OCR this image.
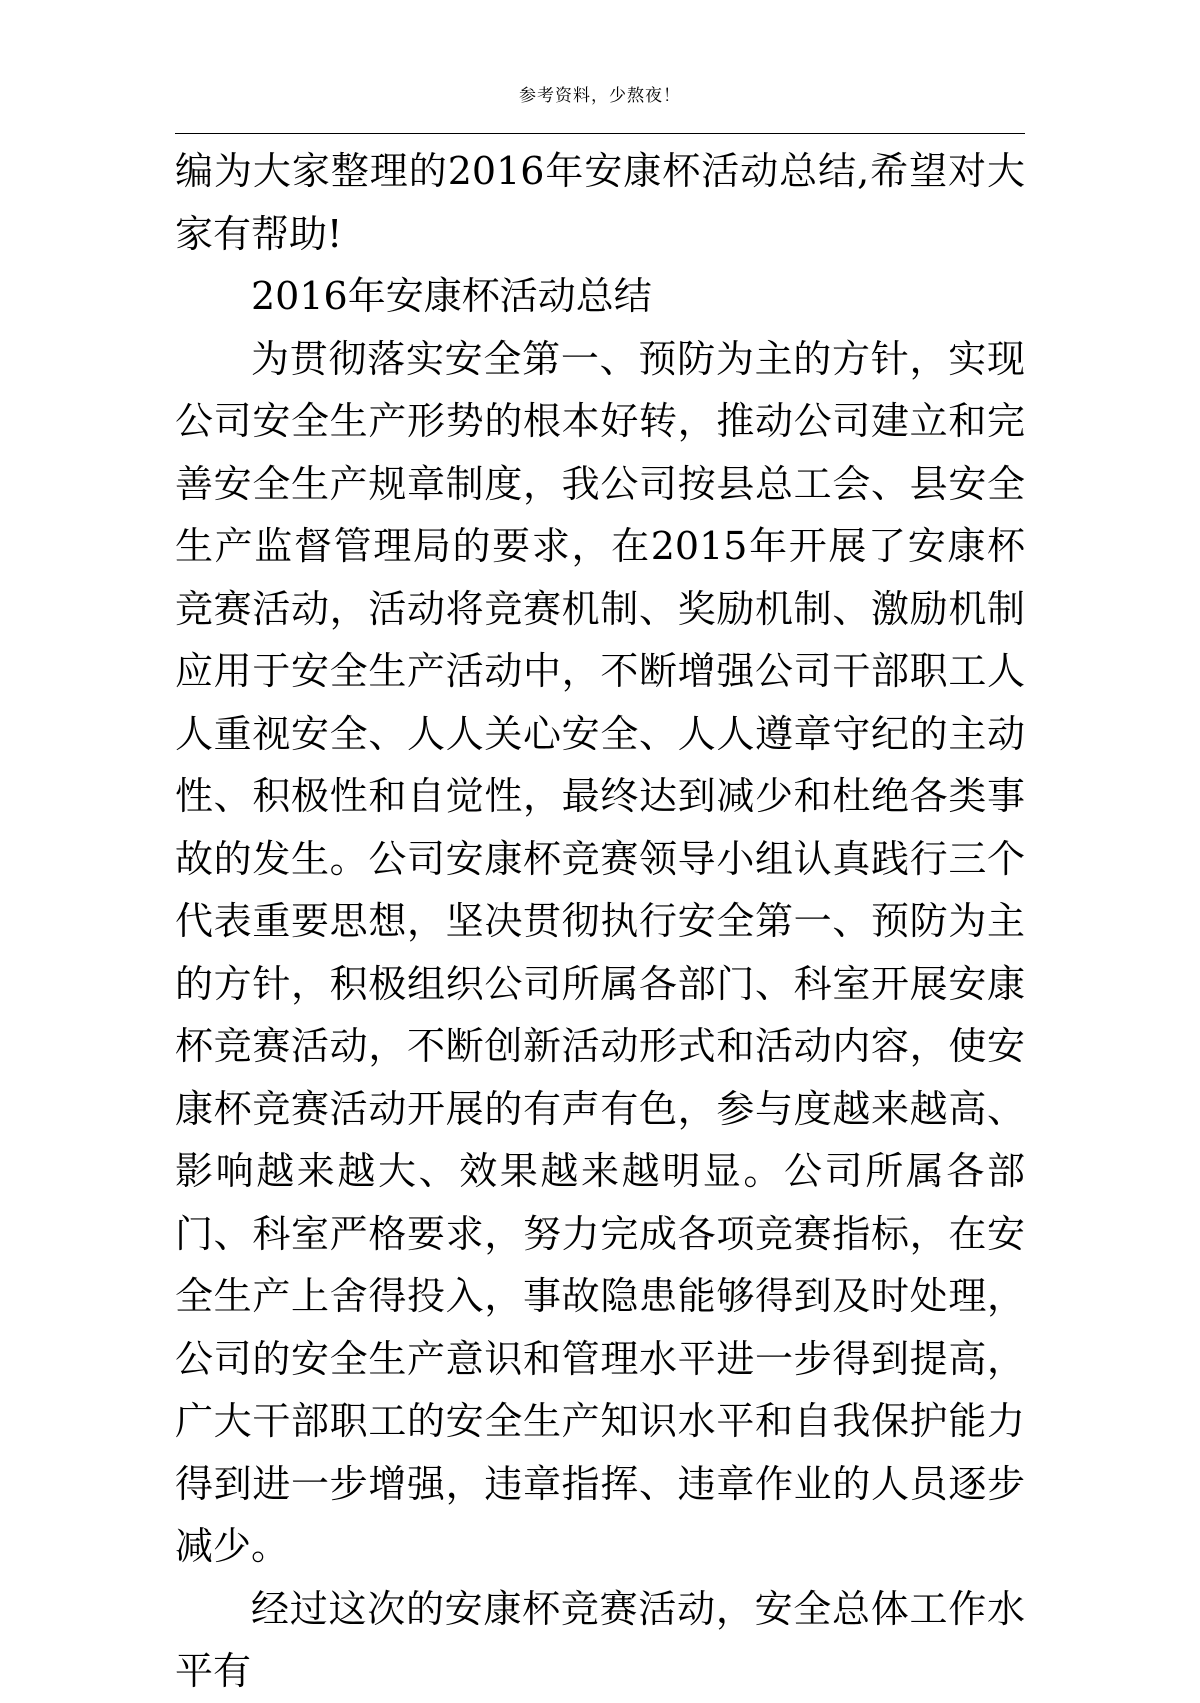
参考资料，少熬夜！

编为大家整理的2016年安康杯活动总结,希望对大家有帮助!

2016年安康杯活动总结

为贯彻落实安全第一、预防为主的方针，实现公司安全生产形势的根本好转，推动公司建立和完善安全生产规章制度，我公司按县总工会、县安全生产监督管理局的要求，在2015年开展了安康杯竞赛活动，活动将竞赛机制、奖励机制、激励机制应用于安全生产活动中，不断增强公司干部职工人人重视安全、人人关心安全、人人遵章守纪的主动性、积极性和自觉性，最终达到减少和杜绝各类事故的发生。公司安康杯竞赛领导小组认真践行三个代表重要思想，坚决贯彻执行安全第一、预防为主的方针，积极组织公司所属各部门、科室开展安康杯竞赛活动，不断创新活动形式和活动内容，使安康杯竞赛活动开展的有声有色，参与度越来越高、影响越来越大、效果越来越明显。公司所属各部门、科室严格要求，努力完成各项竞赛指标，在安全生产上舍得投入，事故隐患能够得到及时处理，公司的安全生产意识和管理水平进一步得到提高，广大干部职工的安全生产知识水平和自我保护能力得到进一步增强，违章指挥、违章作业的人员逐步减少。

经过这次的安康杯竞赛活动，安全总体工作水平有
